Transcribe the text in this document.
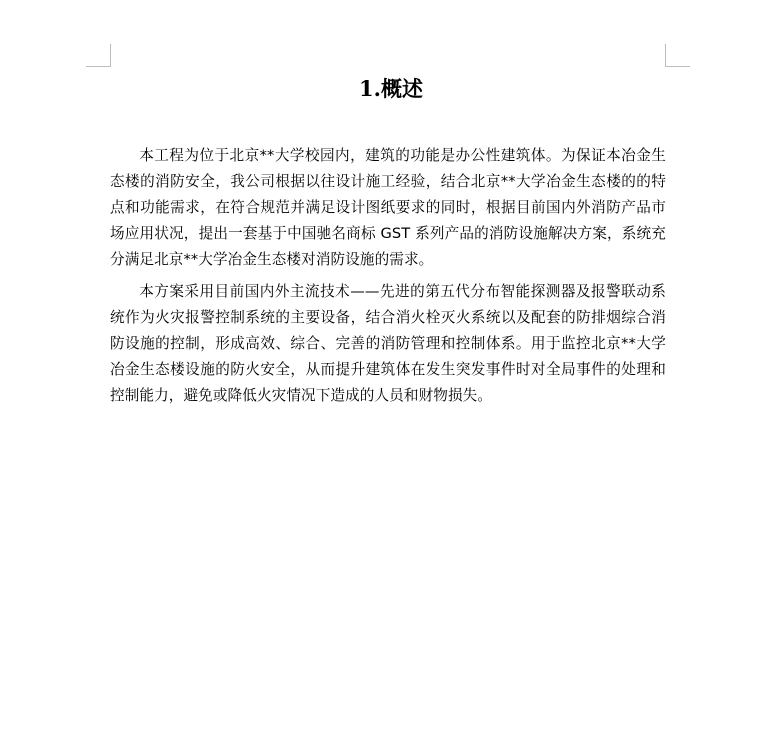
1.概述

本工程为位于北京**大学校园内，建筑的功能是办公性建筑体。为保证本冶金生态楼的消防安全，我公司根据以往设计施工经验，结合北京**大学冶金生态楼的的特点和功能需求，在符合规范并满足设计图纸要求的同时，根据目前国内外消防产品市场应用状况，提出一套基于中国驰名商标 GST 系列产品的消防设施解决方案，系统充分满足北京**大学冶金生态楼对消防设施的需求。

本方案采用目前国内外主流技术——先进的第五代分布智能探测器及报警联动系统作为火灾报警控制系统的主要设备，结合消火栓灭火系统以及配套的防排烟综合消防设施的控制，形成高效、综合、完善的消防管理和控制体系。用于监控北京**大学冶金生态楼设施的防火安全，从而提升建筑体在发生突发事件时对全局事件的处理和控制能力，避免或降低火灾情况下造成的人员和财物损失。
